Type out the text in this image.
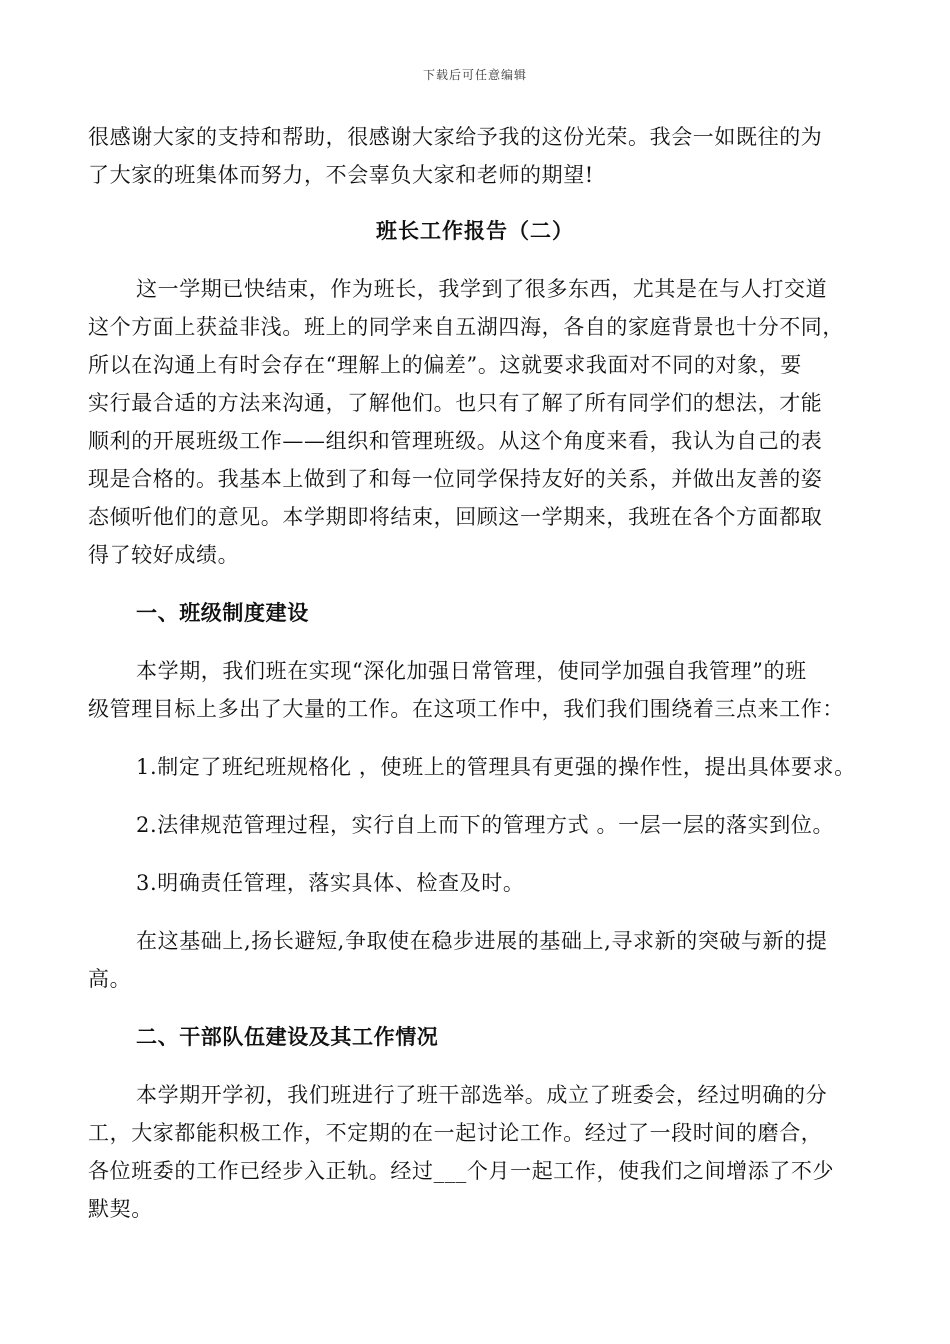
下载后可任意编辑
很感谢大家的支持和帮助，很感谢大家给予我的这份光荣。我会一如既往的为
了大家的班集体而努力，不会辜负大家和老师的期望!
班长工作报告（二）
这一学期已快结束，作为班长，我学到了很多东西，尤其是在与人打交道
这个方面上获益非浅。班上的同学来自五湖四海，各自的家庭背景也十分不同，
所以在沟通上有时会存在“理解上的偏差”。这就要求我面对不同的对象，要
实行最合适的方法来沟通，了解他们。也只有了解了所有同学们的想法，才能
顺利的开展班级工作——组织和管理班级。从这个角度来看，我认为自己的表
现是合格的。我基本上做到了和每一位同学保持友好的关系，并做出友善的姿
态倾听他们的意见。本学期即将结束，回顾这一学期来，我班在各个方面都取
得了较好成绩。
一、班级制度建设
本学期，我们班在实现“深化加强日常管理，使同学加强自我管理”的班
级管理目标上多出了大量的工作。在这项工作中，我们我们围绕着三点来工作：
1.制定了班纪班规格化 ，使班上的管理具有更强的操作性，提出具体要求。
2.法律规范管理过程，实行自上而下的管理方式 。一层一层的落实到位。
3.明确责任管理，落实具体、检查及时。
在这基础上,扬长避短,争取使在稳步进展的基础上,寻求新的突破与新的提
高。
二、干部队伍建设及其工作情况
本学期开学初，我们班进行了班干部选举。成立了班委会，经过明确的分
工，大家都能积极工作，不定期的在一起讨论工作。经过了一段时间的磨合，
各位班委的工作已经步入正轨。经过___个月一起工作，使我们之间增添了不少
默契。
